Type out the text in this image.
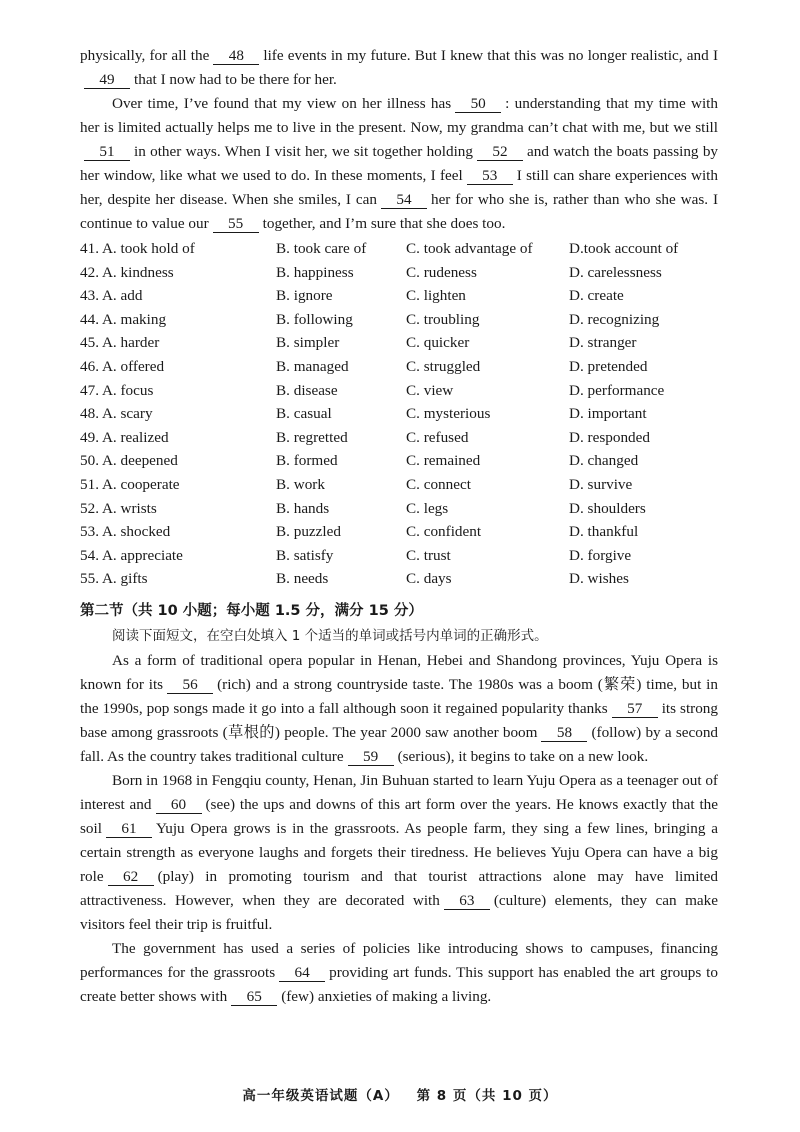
physically, for all the 48 life events in my future. But I knew that this was no longer realistic, and I49 that I now had to be there for her.

Over time, I’ve found that my view on her illness has 50 : understanding that my time with her is limited actually helps me to live in the present. Now, my grandma can’t chat with me, but we still51 in other ways. When I visit her, we sit together holding 52 and watch the boats passing by her window, like what we used to do. In these moments, I feel 53 I still can share experiences with her, despite her disease. When she smiles, I can 54 her for who she is, rather than who she was. I continue to value our 55 together, and I’m sure that she does too.

41. A. took hold of	B. took care of	C. took advantage of	D.took account of
42. A. kindness	B. happiness	C. rudeness	D. carelessness
43. A. add	B. ignore	C. lighten	D. create
44. A. making	B. following	C. troubling	D. recognizing
45. A. harder	B. simpler	C. quicker	D. stranger
46. A. offered	B. managed	C. struggled	D. pretended
47. A. focus	B. disease	C. view	D. performance
48. A. scary	B. casual	C. mysterious	D. important
49. A. realized	B. regretted	C. refused	D. responded
50. A. deepened	B. formed	C. remained	D. changed
51. A. cooperate	B. work	C. connect	D. survive
52. A. wrists	B. hands	C. legs	D. shoulders
53. A. shocked	B. puzzled	C. confident	D. thankful
54. A. appreciate	B. satisfy	C. trust	D. forgive
55. A. gifts	B. needs	C. days	D. wishes
第二节（共 10 小题；每小题 1.5 分，满分 15 分）
阅读下面短文，在空白处填入 1 个适当的单词或括号内单词的正确形式。

As a form of traditional opera popular in Henan, Hebei and Shandong provinces, Yuju Opera is known for its 56 (rich) and a strong countryside taste. The 1980s was a boom (繁荣) time, but in the 1990s, pop songs made it go into a fall although soon it regained popularity thanks 57 its strong base among grassroots (草根的) people. The year 2000 saw another boom 58 (follow) by a second fall. As the country takes traditional culture 59 (serious), it begins to take on a new look.

Born in 1968 in Fengqiu county, Henan, Jin Buhuan started to learn Yuju Opera as a teenager out of interest and 60 (see) the ups and downs of this art form over the years. He knows exactly that the soil 61 Yuju Opera grows is in the grassroots. As people farm, they sing a few lines, bringing a certain strength as everyone laughs and forgets their tiredness. He believes Yuju Opera can have a big role 62 (play) in promoting tourism and that tourist attractions alone may have limited attractiveness. However, when they are decorated with 63 (culture) elements, they can make visitors feel their trip is fruitful.

The government has used a series of policies like introducing shows to campuses, financing performances for the grassroots 64 providing art funds. This support has enabled the art groups to create better shows with 65 (few) anxieties of making a living.

高一年级英语试题（A） 第 8 页（共 10 页）
